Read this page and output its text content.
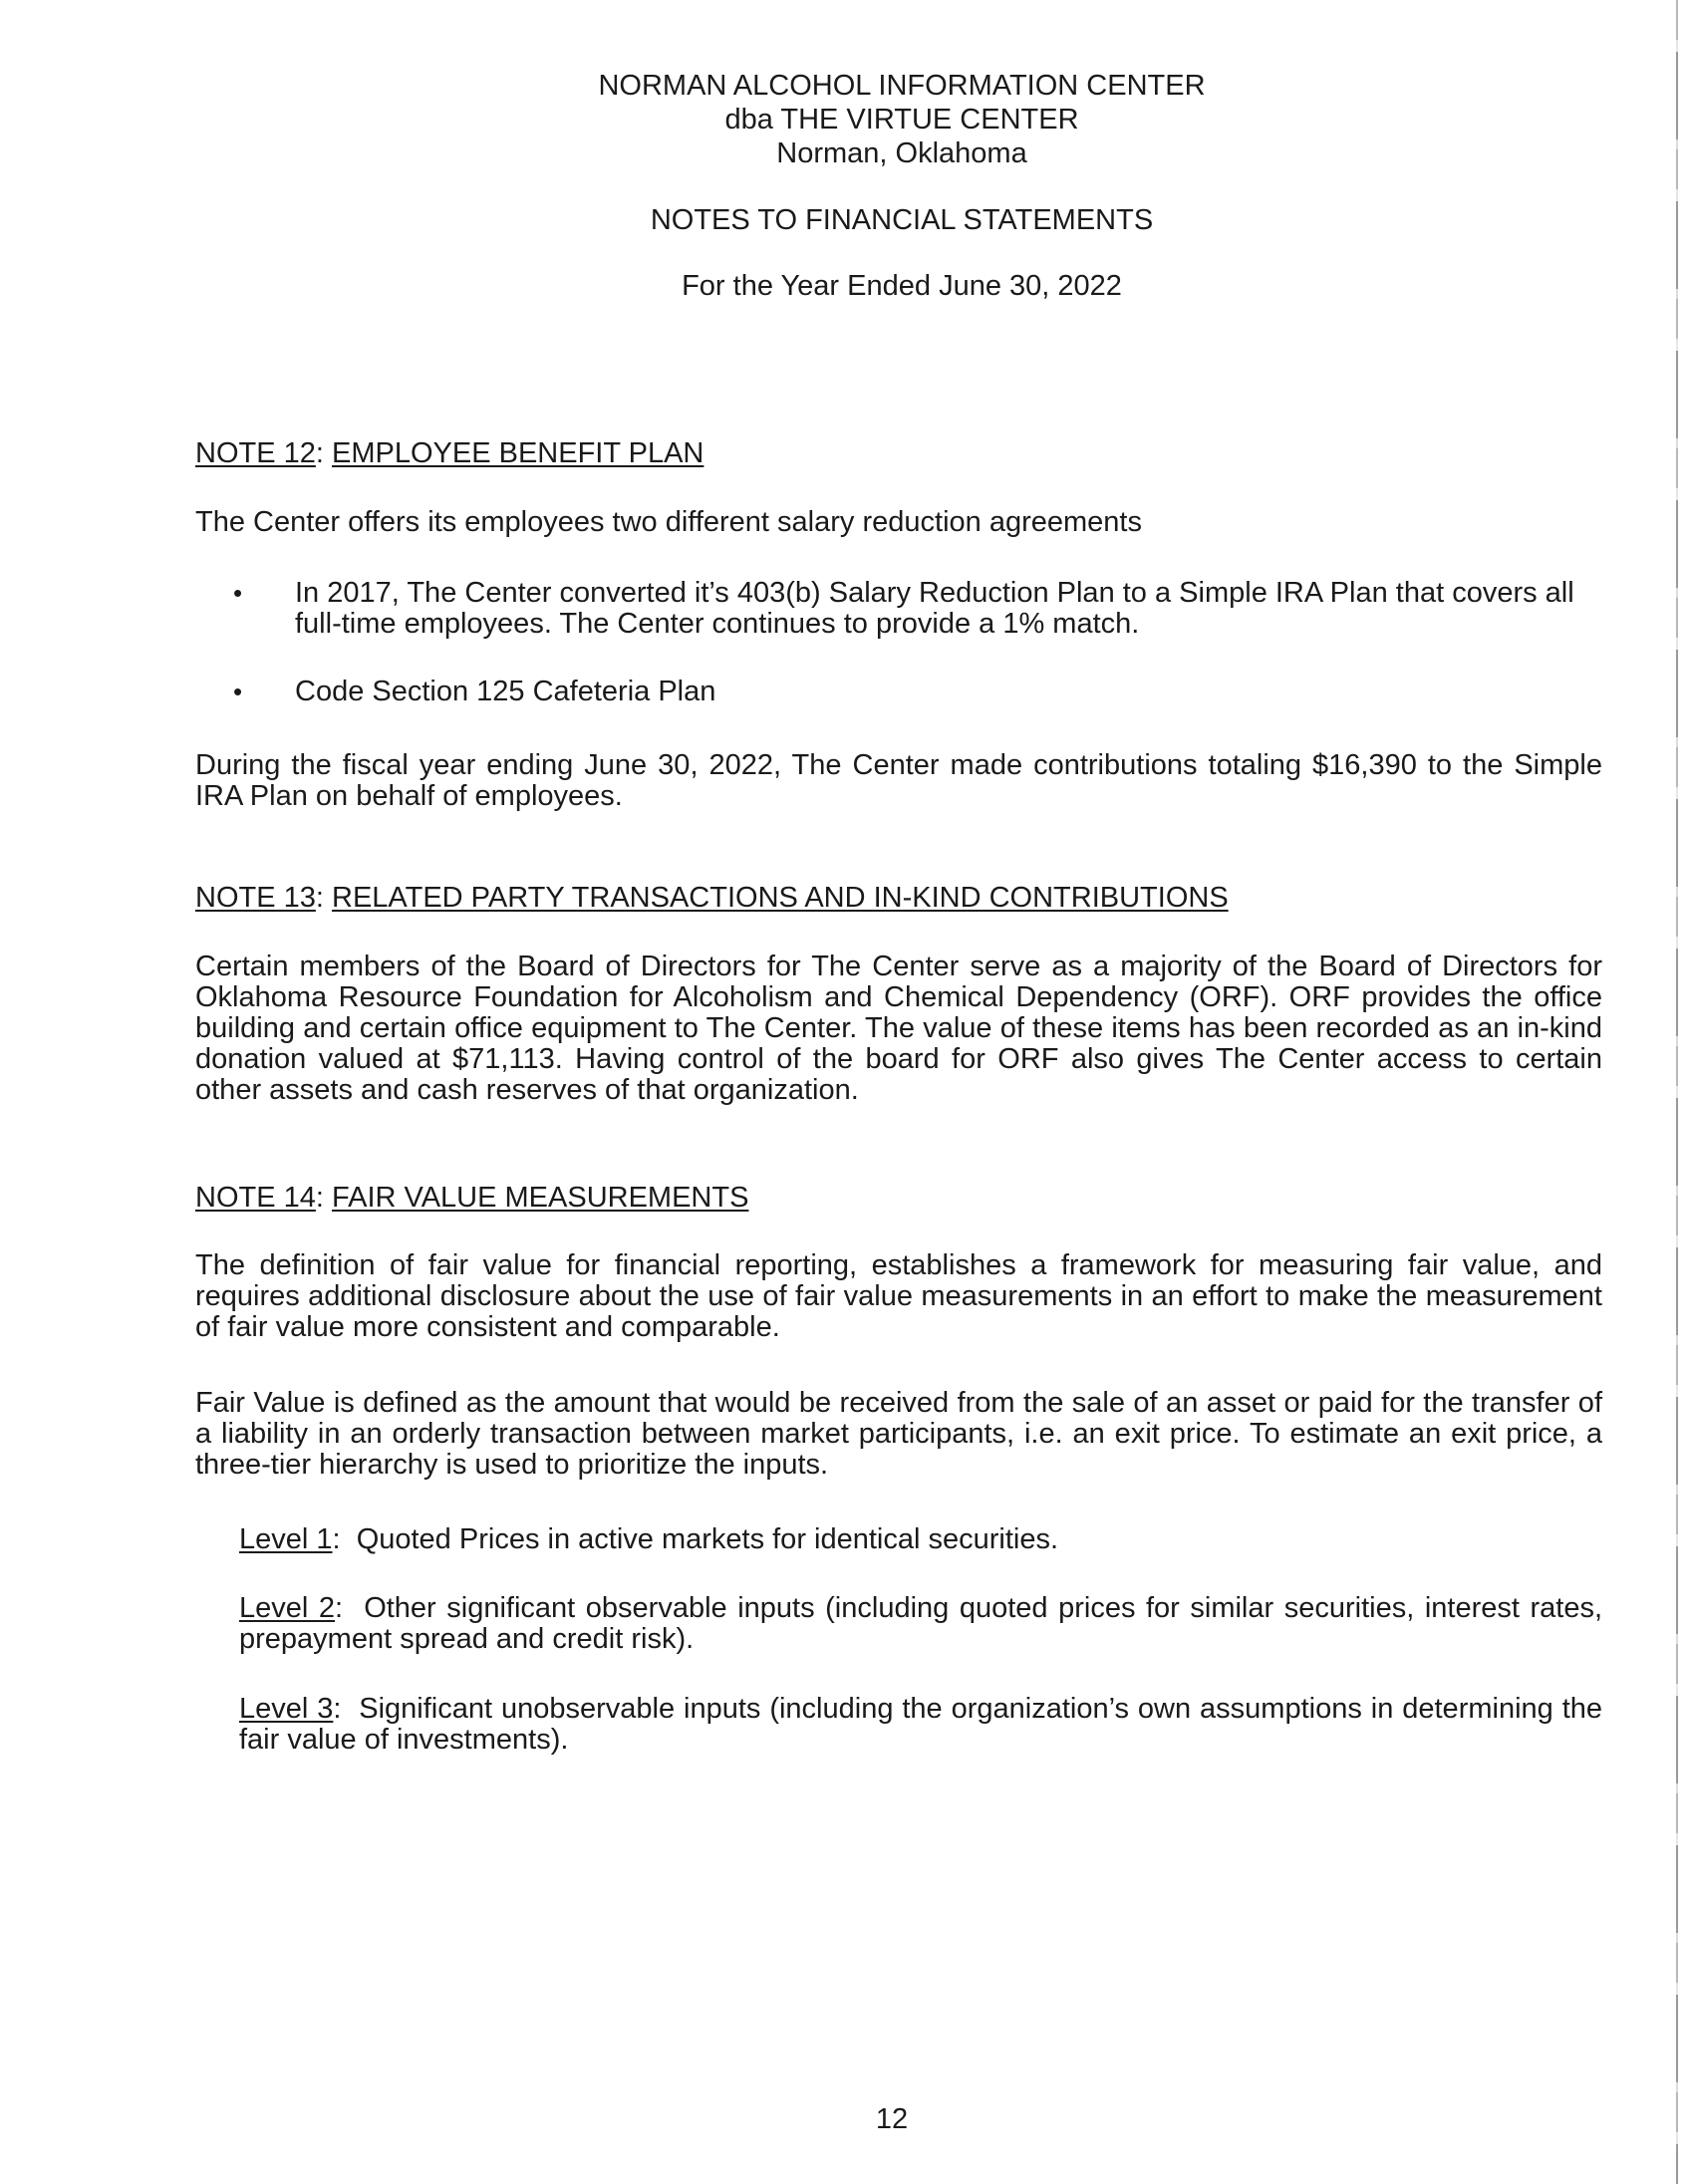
NORMAN ALCOHOL INFORMATION CENTER
dba THE VIRTUE CENTER
Norman, Oklahoma
NOTES TO FINANCIAL STATEMENTS
For the Year Ended June 30, 2022
NOTE 12: EMPLOYEE BENEFIT PLAN
The Center offers its employees two different salary reduction agreements
• In 2017, The Center converted it’s 403(b) Salary Reduction Plan to a Simple IRA Plan that covers all full-time employees. The Center continues to provide a 1% match.
• Code Section 125 Cafeteria Plan
During the fiscal year ending June 30, 2022, The Center made contributions totaling $16,390 to the Simple IRA Plan on behalf of employees.
NOTE 13: RELATED PARTY TRANSACTIONS AND IN-KIND CONTRIBUTIONS
Certain members of the Board of Directors for The Center serve as a majority of the Board of Directors for Oklahoma Resource Foundation for Alcoholism and Chemical Dependency (ORF). ORF provides the office building and certain office equipment to The Center. The value of these items has been recorded as an in-kind donation valued at $71,113. Having control of the board for ORF also gives The Center access to certain other assets and cash reserves of that organization.
NOTE 14: FAIR VALUE MEASUREMENTS
The definition of fair value for financial reporting, establishes a framework for measuring fair value, and requires additional disclosure about the use of fair value measurements in an effort to make the measurement of fair value more consistent and comparable.
Fair Value is defined as the amount that would be received from the sale of an asset or paid for the transfer of a liability in an orderly transaction between market participants, i.e. an exit price. To estimate an exit price, a three-tier hierarchy is used to prioritize the inputs.
Level 1:  Quoted Prices in active markets for identical securities.
Level 2:  Other significant observable inputs (including quoted prices for similar securities, interest rates, prepayment spread and credit risk).
Level 3:  Significant unobservable inputs (including the organization’s own assumptions in determining the fair value of investments).
12
